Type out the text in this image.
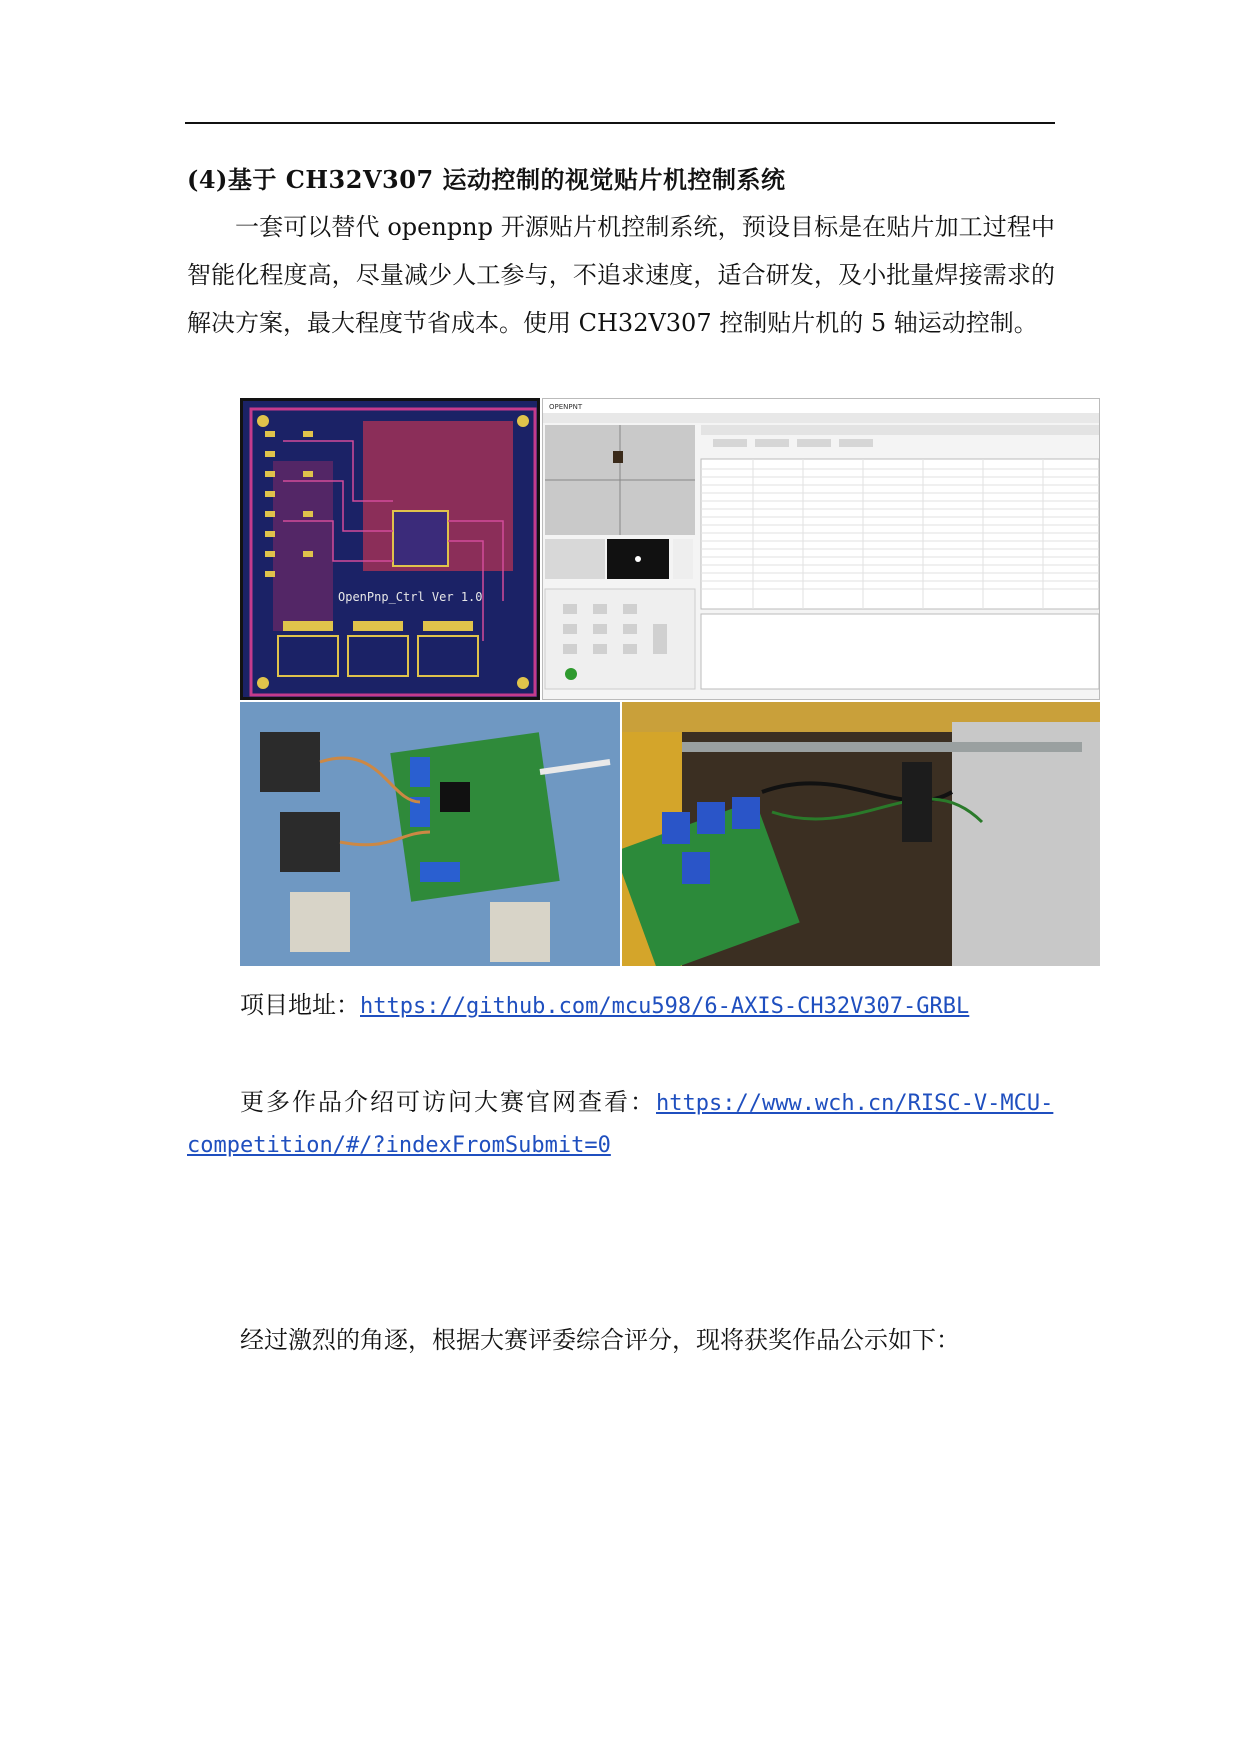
(4)基于 CH32V307 运动控制的视觉贴片机控制系统

一套可以替代 openpnp 开源贴片机控制系统，预设目标是在贴片加工过程中智能化程度高，尽量减少人工参与，不追求速度，适合研发，及小批量焊接需求的解决方案，最大程度节省成本。使用 CH32V307 控制贴片机的 5 轴运动控制。

OpenPnp_Ctrl Ver 1.0
OPENPNT
项目地址：https://github.com/mcu598/6-AXIS-CH32V307-GRBL
更多作品介绍可访问大赛官网查看：https://www.wch.cn/RISC-V-MCU-
competition/#/?indexFromSubmit=0
经过激烈的角逐，根据大赛评委综合评分，现将获奖作品公示如下：
